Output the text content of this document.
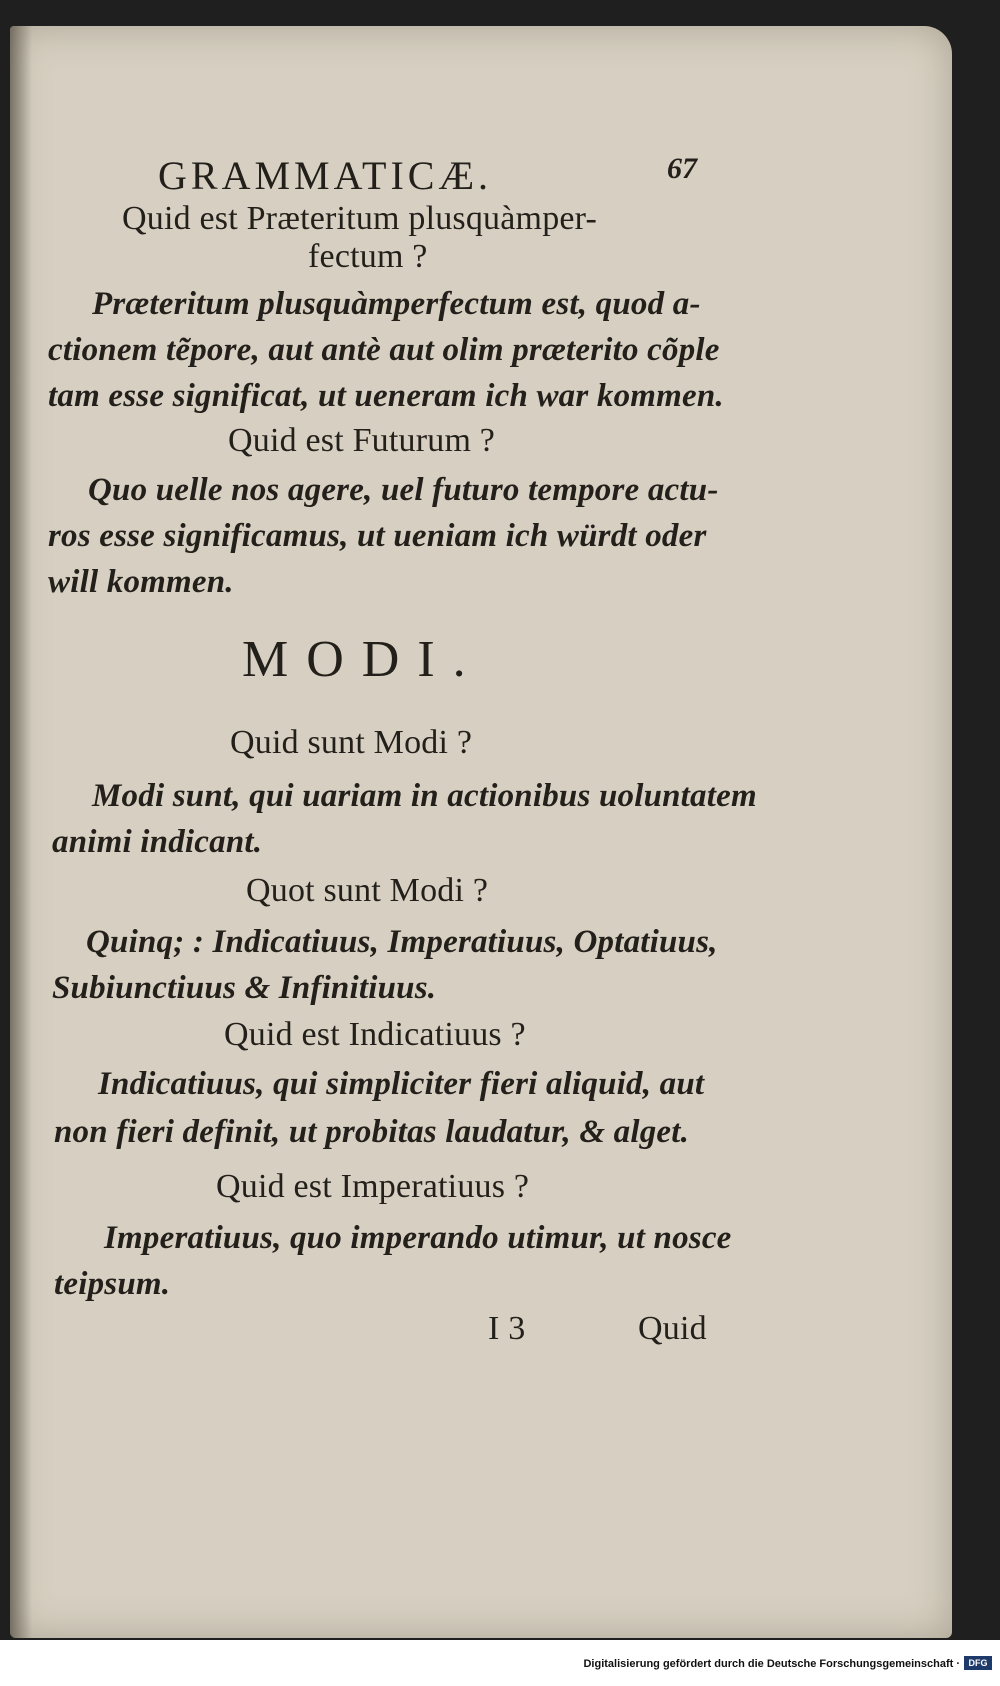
GRAMMATICÆ.	67

Quid est Præteritum plusquàmper-

fectum ?

Præteritum plusquàmperfectum est, quod a-

ctionem tẽpore, aut antè aut olim præterito cõple

tam esse significat, ut ueneram ich war kommen.

Quid est Futurum ?

Quo uelle nos agere, uel futuro tempore actu-

ros esse significamus, ut ueniam ich würdt oder

will kommen.

MODI.

Quid sunt Modi ?

Modi sunt, qui uariam in actionibus uoluntatem

animi indicant.

Quot sunt Modi ?

Quinq; : Indicatiuus, Imperatiuus, Optatiuus,

Subiunctiuus & Infinitiuus.

Quid est Indicatiuus ?

Indicatiuus, qui simpliciter fieri aliquid, aut

non fieri definit, ut probitas laudatur, & alget.

Quid est Imperatiuus ?

Imperatiuus, quo imperando utimur, ut nosce

teipsum.

I 3	Quid

Digitalisierung gefördert durch die Deutsche Forschungsgemeinschaft · DFG
